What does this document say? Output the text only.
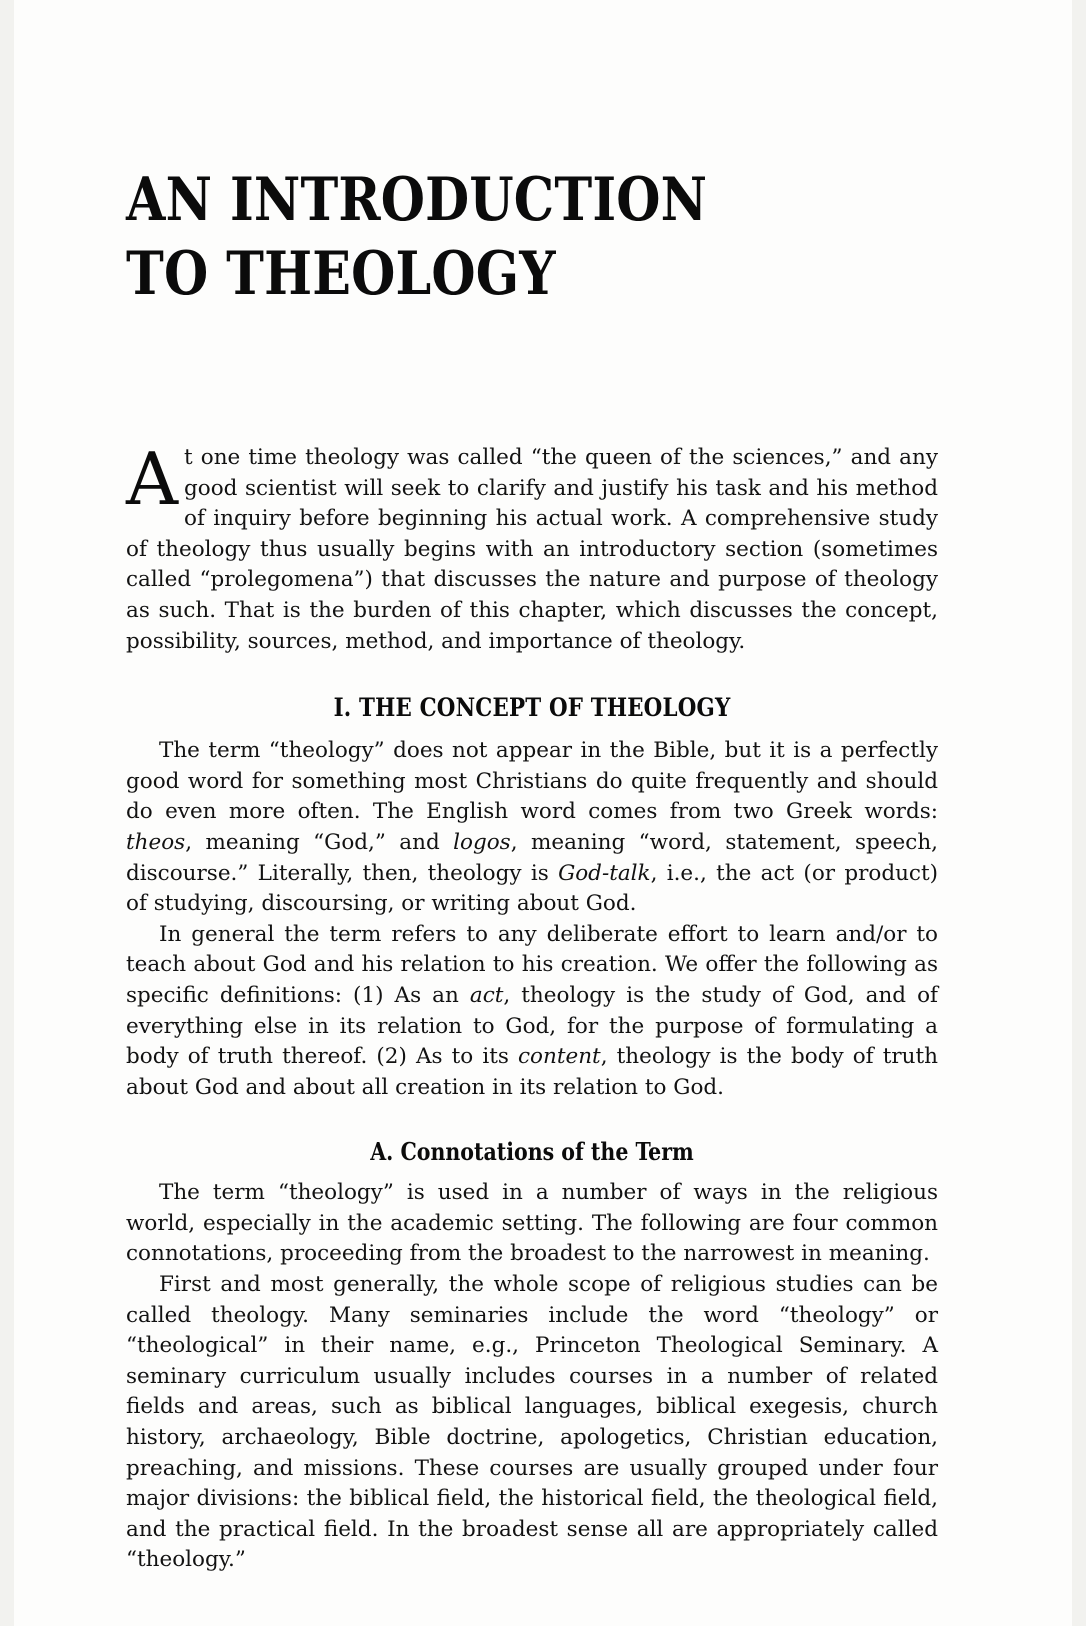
AN INTRODUCTION
TO THEOLOGY

At one time theology was called “the queen of the sciences,” and any good scientist will seek to clarify and justify his task and his method of inquiry before beginning his actual work. A comprehensive study of theology thus usually begins with an introductory section (sometimes called “prolegomena”) that discusses the nature and purpose of theology as such. That is the burden of this chapter, which discusses the concept, possibility, sources, method, and importance of theology.

I. THE CONCEPT OF THEOLOGY

The term “theology” does not appear in the Bible, but it is a perfectly good word for something most Christians do quite frequently and should do even more often. The English word comes from two Greek words: theos, meaning “God,” and logos, meaning “word, statement, speech, discourse.” Literally, then, theology is God-talk, i.e., the act (or product) of studying, discoursing, or writing about God.

In general the term refers to any deliberate effort to learn and/or to teach about God and his relation to his creation. We offer the following as specific definitions: (1) As an act, theology is the study of God, and of everything else in its relation to God, for the purpose of formulating a body of truth thereof. (2) As to its content, theology is the body of truth about God and about all creation in its relation to God.

A. Connotations of the Term

The term “theology” is used in a number of ways in the religious world, especially in the academic setting. The following are four common connotations, proceeding from the broadest to the narrowest in meaning.

First and most generally, the whole scope of religious studies can be called theology. Many seminaries include the word “theology” or “theological” in their name, e.g., Princeton Theological Seminary. A seminary curriculum usually includes courses in a number of related fields and areas, such as biblical languages, biblical exegesis, church history, archaeology, Bible doctrine, apologetics, Christian education, preaching, and missions. These courses are usually grouped under four major divisions: the biblical field, the historical field, the theological field, and the practical field. In the broadest sense all are appropriately called “theology.”
